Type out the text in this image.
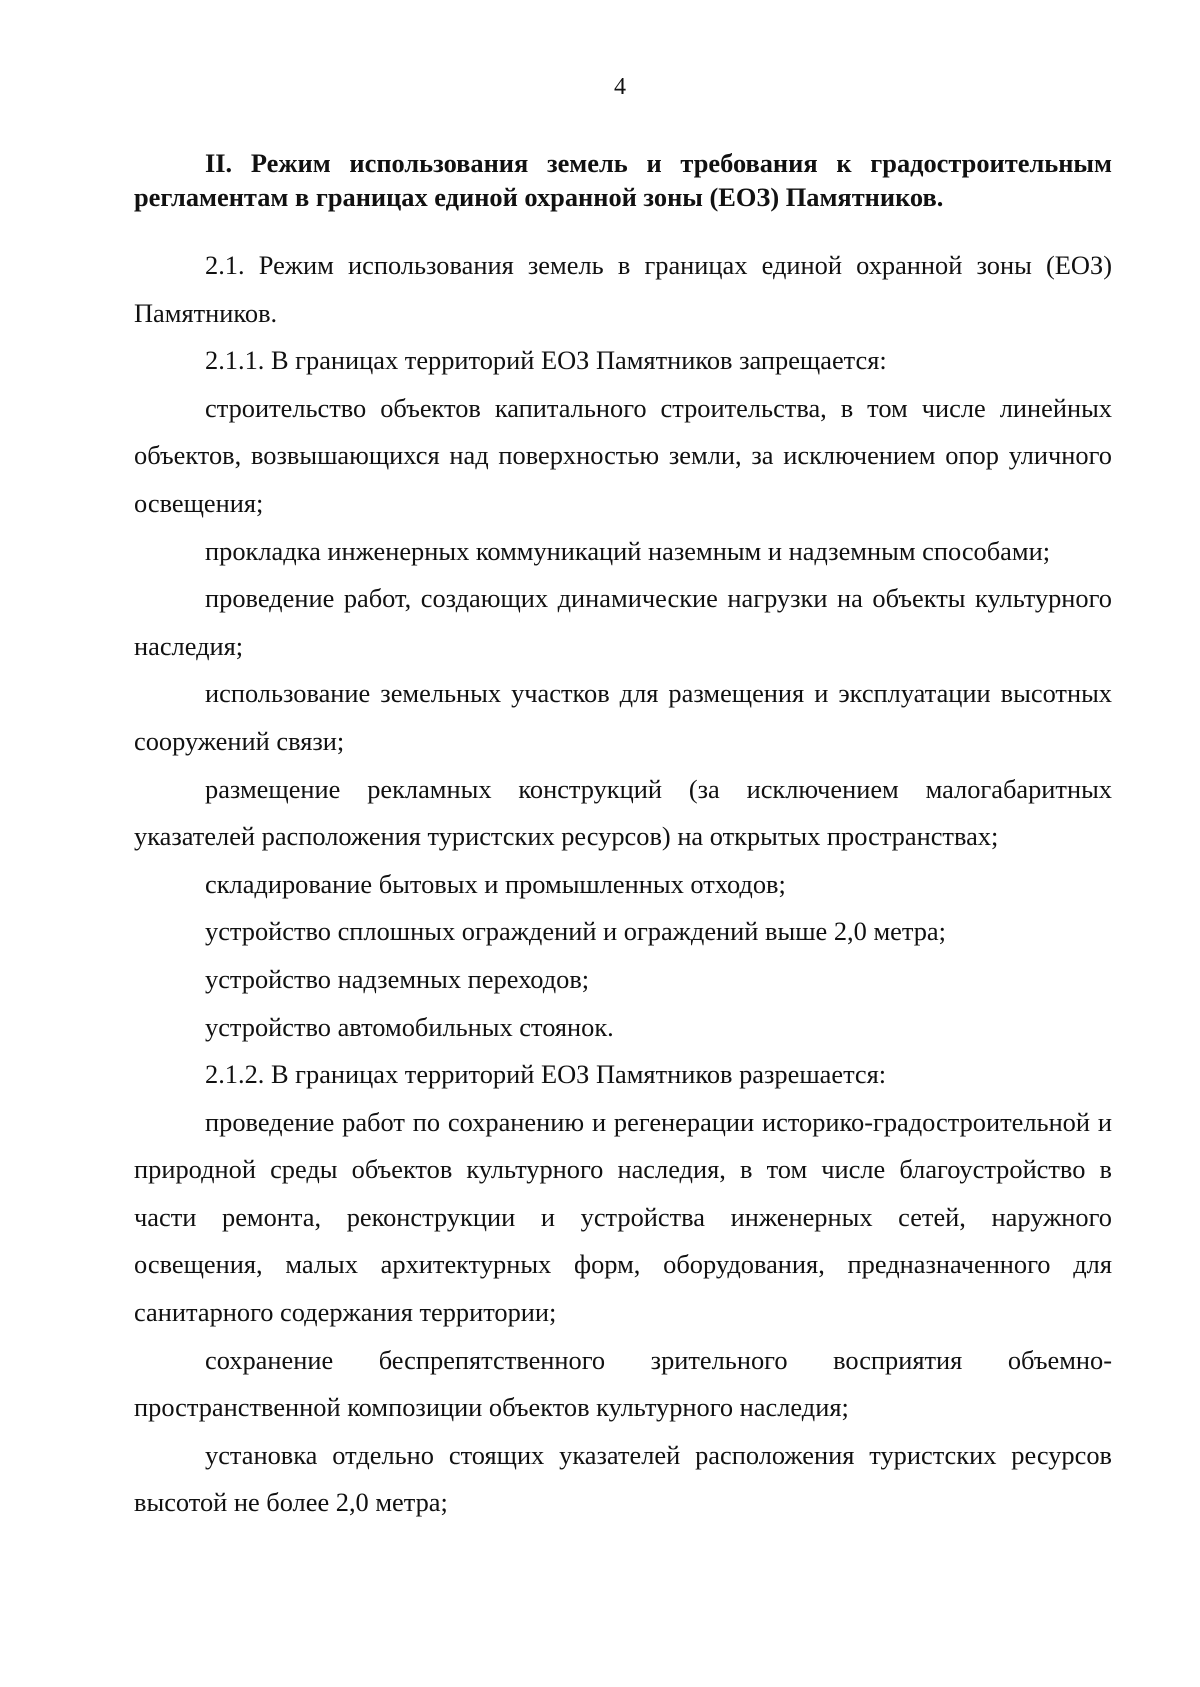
4
II. Режим использования земель и требования к градостроительным регламентам в границах единой охранной зоны (ЕОЗ) Памятников.

2.1. Режим использования земель в границах единой охранной зоны (ЕОЗ) Памятников.

2.1.1. В границах территорий ЕОЗ Памятников запрещается:

строительство объектов капитального строительства, в том числе линейных объектов, возвышающихся над поверхностью земли, за исключением опор уличного освещения;

прокладка инженерных коммуникаций наземным и надземным способами;

проведение работ, создающих динамические нагрузки на объекты культурного наследия;

использование земельных участков для размещения и эксплуатации высотных сооружений связи;

размещение рекламных конструкций (за исключением малогабаритных указателей расположения туристских ресурсов) на открытых пространствах;

складирование бытовых и промышленных отходов;

устройство сплошных ограждений и ограждений выше 2,0 метра;

устройство надземных переходов;

устройство автомобильных стоянок.

2.1.2. В границах территорий ЕОЗ Памятников разрешается:

проведение работ по сохранению и регенерации историко-градостроительной и природной среды объектов культурного наследия, в том числе благоустройство в части ремонта, реконструкции и устройства инженерных сетей, наружного освещения, малых архитектурных форм, оборудования, предназначенного для санитарного содержания территории;

сохранение беспрепятственного зрительного восприятия объемно-пространственной композиции объектов культурного наследия;

установка отдельно стоящих указателей расположения туристских ресурсов высотой не более 2,0 метра;
